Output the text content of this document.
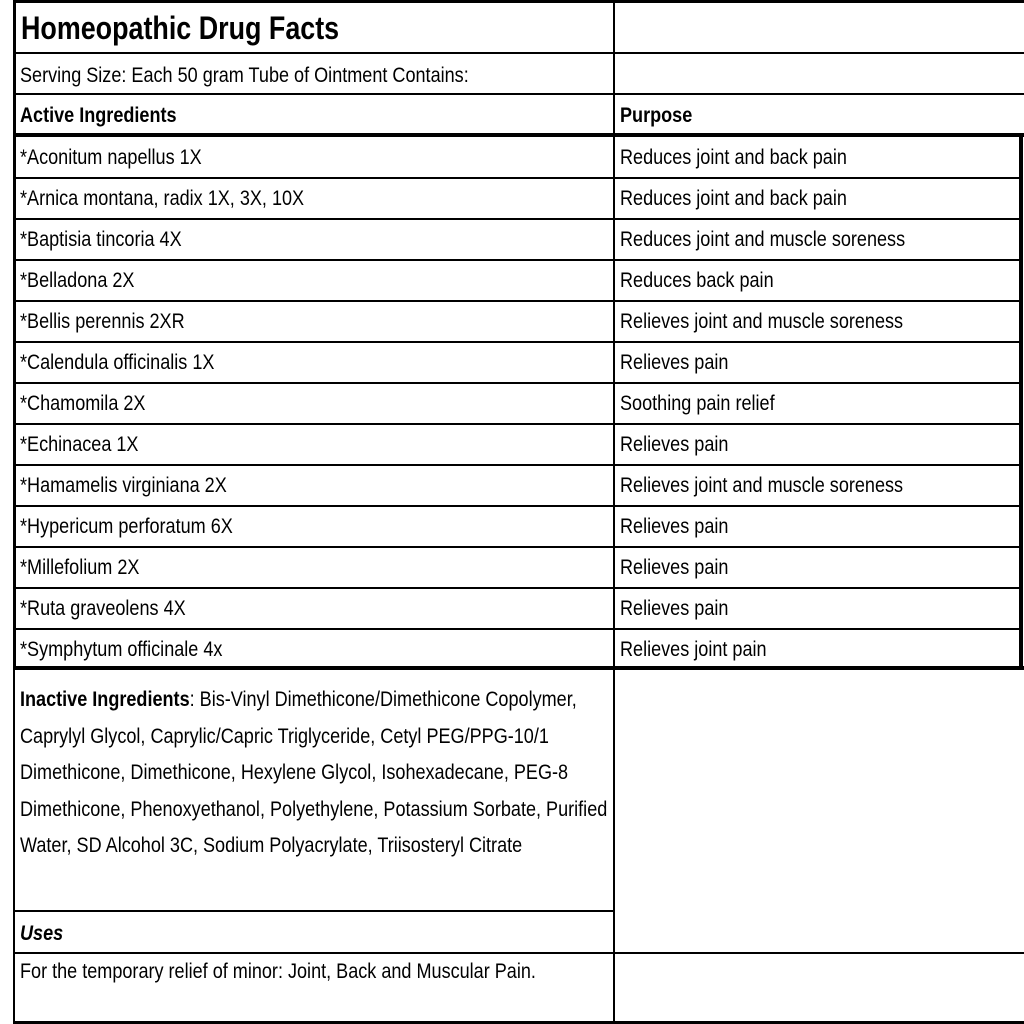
Homeopathic Drug Facts
Serving Size: Each 50 gram Tube of Ointment Contains:
Active Ingredients	Purpose
*Aconitum napellus 1X	Reduces joint and back pain
*Arnica montana, radix 1X, 3X, 10X	Reduces joint and back pain
*Baptisia tincoria 4X	Reduces joint and muscle soreness
*Belladona 2X	Reduces back pain
*Bellis perennis 2XR	Relieves joint and muscle soreness
*Calendula officinalis 1X	Relieves pain
*Chamomila 2X	Soothing pain relief
*Echinacea 1X	Relieves pain
*Hamamelis virginiana 2X	Relieves joint and muscle soreness
*Hypericum perforatum 6X	Relieves pain
*Millefolium 2X	Relieves pain
*Ruta graveolens 4X	Relieves pain
*Symphytum officinale 4x	Relieves joint pain
Inactive Ingredients: Bis-Vinyl Dimethicone/Dimethicone Copolymer, Caprylyl Glycol, Caprylic/Capric Triglyceride, Cetyl PEG/PPG-10/1 Dimethicone, Dimethicone, Hexylene Glycol, Isohexadecane, PEG-8 Dimethicone, Phenoxyethanol, Polyethylene, Potassium Sorbate, Purified Water, SD Alcohol 3C, Sodium Polyacrylate, Triisosteryl Citrate
Uses
For the temporary relief of minor: Joint, Back and Muscular Pain.
